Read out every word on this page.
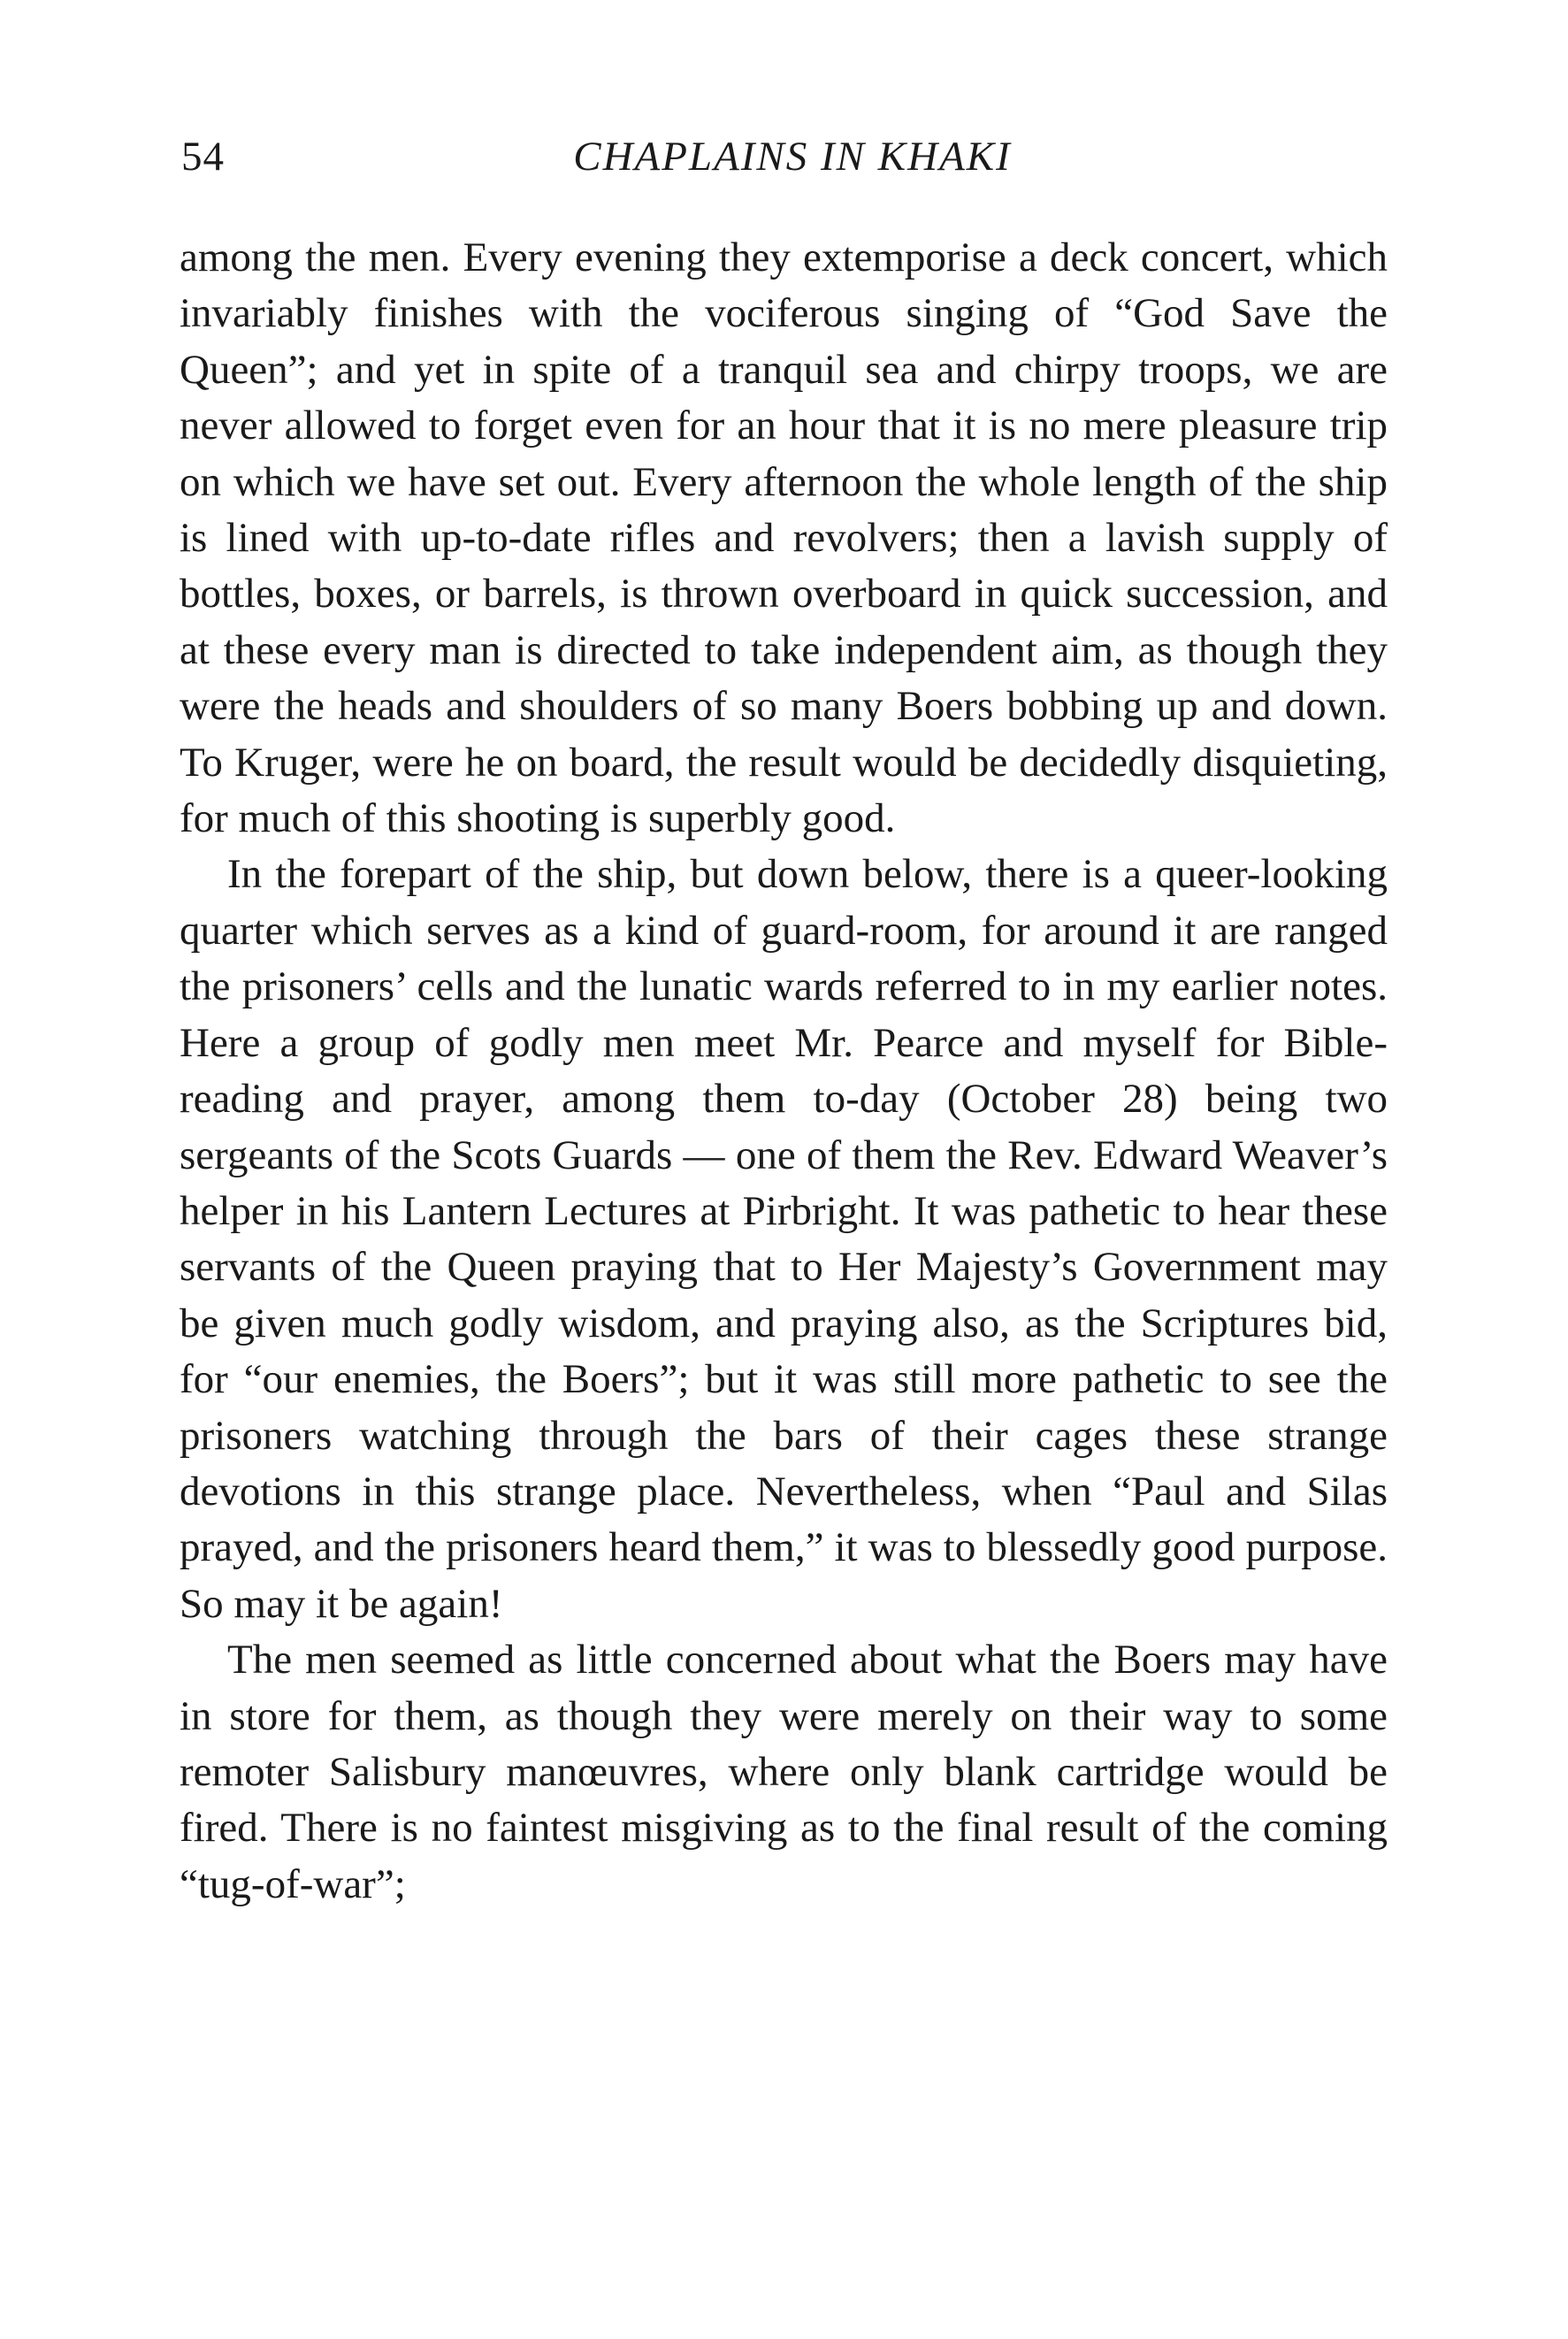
54	CHAPLAINS IN KHAKI

among the men. Every evening they extemporise a deck concert, which invariably finishes with the vociferous singing of “God Save the Queen”; and yet in spite of a tranquil sea and chirpy troops, we are never allowed to forget even for an hour that it is no mere pleasure trip on which we have set out. Every afternoon the whole length of the ship is lined with up-to-date rifles and revolvers; then a lavish supply of bottles, boxes, or barrels, is thrown overboard in quick succession, and at these every man is directed to take independent aim, as though they were the heads and shoulders of so many Boers bobbing up and down. To Kruger, were he on board, the result would be decidedly disquieting, for much of this shooting is superbly good.

In the forepart of the ship, but down below, there is a queer-looking quarter which serves as a kind of guard-room, for around it are ranged the prisoners’ cells and the lunatic wards referred to in my earlier notes. Here a group of godly men meet Mr. Pearce and myself for Bible-reading and prayer, among them to-day (October 28) being two sergeants of the Scots Guards — one of them the Rev. Edward Weaver’s helper in his Lantern Lectures at Pirbright. It was pathetic to hear these servants of the Queen praying that to Her Majesty’s Government may be given much godly wisdom, and praying also, as the Scriptures bid, for “our enemies, the Boers”; but it was still more pathetic to see the prisoners watching through the bars of their cages these strange devotions in this strange place. Nevertheless, when “Paul and Silas prayed, and the prisoners heard them,” it was to blessedly good purpose. So may it be again!

The men seemed as little concerned about what the Boers may have in store for them, as though they were merely on their way to some remoter Salisbury manœuvres, where only blank cartridge would be fired. There is no faintest misgiving as to the final result of the coming “tug-of-war”;
